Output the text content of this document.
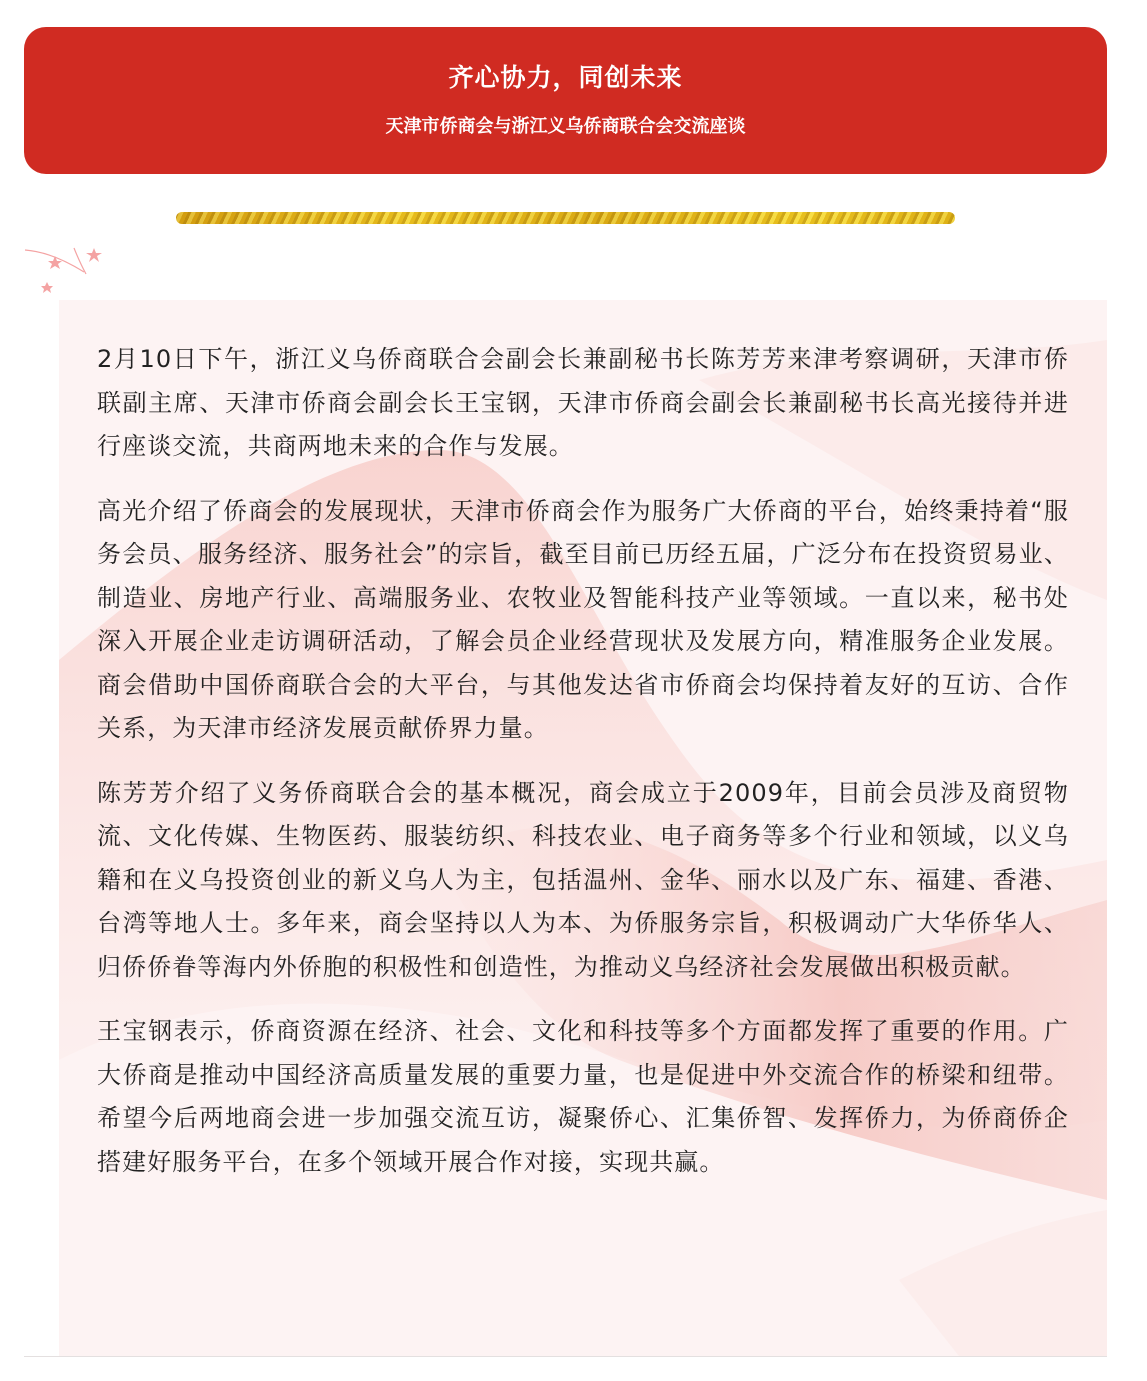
齐心协力，同创未来
天津市侨商会与浙江义乌侨商联合会交流座谈

2月10日下午，浙江义乌侨商联合会副会长兼副秘书长陈芳芳来津考察调研，天津市侨联副主席、天津市侨商会副会长王宝钢，天津市侨商会副会长兼副秘书长高光接待并进行座谈交流，共商两地未来的合作与发展。

高光介绍了侨商会的发展现状，天津市侨商会作为服务广大侨商的平台，始终秉持着“服务会员、服务经济、服务社会”的宗旨，截至目前已历经五届，广泛分布在投资贸易业、制造业、房地产行业、高端服务业、农牧业及智能科技产业等领域。一直以来，秘书处深入开展企业走访调研活动，了解会员企业经营现状及发展方向，精准服务企业发展。商会借助中国侨商联合会的大平台，与其他发达省市侨商会均保持着友好的互访、合作关系，为天津市经济发展贡献侨界力量。

陈芳芳介绍了义务侨商联合会的基本概况，商会成立于2009年，目前会员涉及商贸物流、文化传媒、生物医药、服装纺织、科技农业、电子商务等多个行业和领域，以义乌籍和在义乌投资创业的新义乌人为主，包括温州、金华、丽水以及广东、福建、香港、台湾等地人士。多年来，商会坚持以人为本、为侨服务宗旨，积极调动广大华侨华人、归侨侨眷等海内外侨胞的积极性和创造性，为推动义乌经济社会发展做出积极贡献。

王宝钢表示，侨商资源在经济、社会、文化和科技等多个方面都发挥了重要的作用。广大侨商是推动中国经济高质量发展的重要力量，也是促进中外交流合作的桥梁和纽带。希望今后两地商会进一步加强交流互访，凝聚侨心、汇集侨智、发挥侨力，为侨商侨企搭建好服务平台，在多个领域开展合作对接，实现共赢。
